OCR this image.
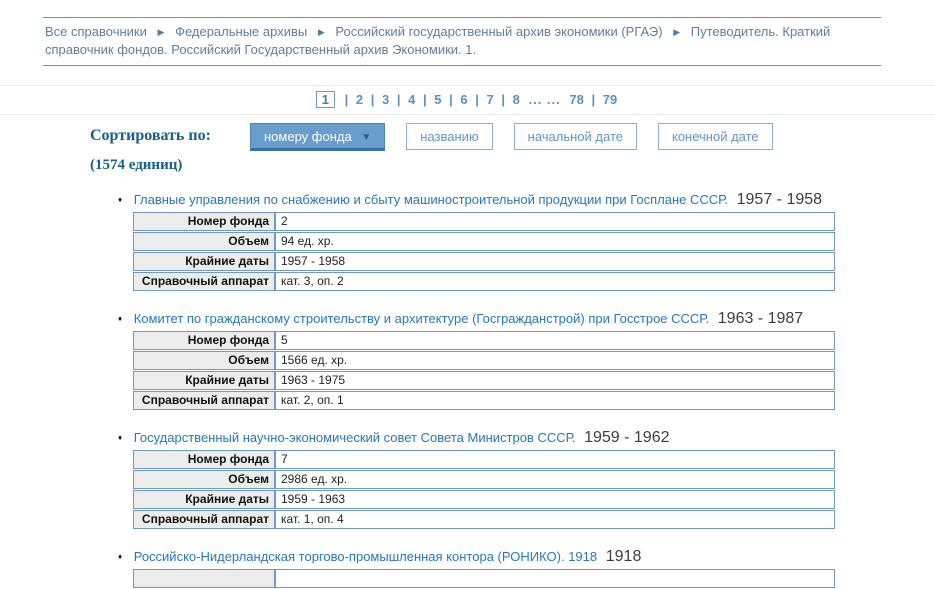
Все справочники ▶ Федеральные архивы ▶ Российский государственный архив экономики (РГАЭ) ▶ Путеводитель. Краткий справочник фондов. Российский Государственный архив Экономики. 1.
1 | 2 | 3 | 4 | 5 | 6 | 7 | 8 ... ... 78 | 79
Сортировать по:	номеру фонда ▼	названию	начальной дате	конечной дате
(1574 единиц)
♦ Главные управления по снабжению и сбыту машиностроительной продукции при Госплане СССР. 1957 - 1958
Номер фонда	2
Объем	94 ед. хр.
Крайние даты	1957 - 1958
Справочный аппарат	кат. 3, оп. 2
♦ Комитет по гражданскому строительству и архитектуре (Госгражданстрой) при Госстрое СССР. 1963 - 1987
Номер фонда	5
Объем	1566 ед. хр.
Крайние даты	1963 - 1975
Справочный аппарат	кат. 2, оп. 1
♦ Государственный научно-экономический совет Совета Министров СССР. 1959 - 1962
Номер фонда	7
Объем	2986 ед. хр.
Крайние даты	1959 - 1963
Справочный аппарат	кат. 1, оп. 4
♦ Российско-Нидерландская торгово-промышленная контора (РОНИКО). 1918 1918
